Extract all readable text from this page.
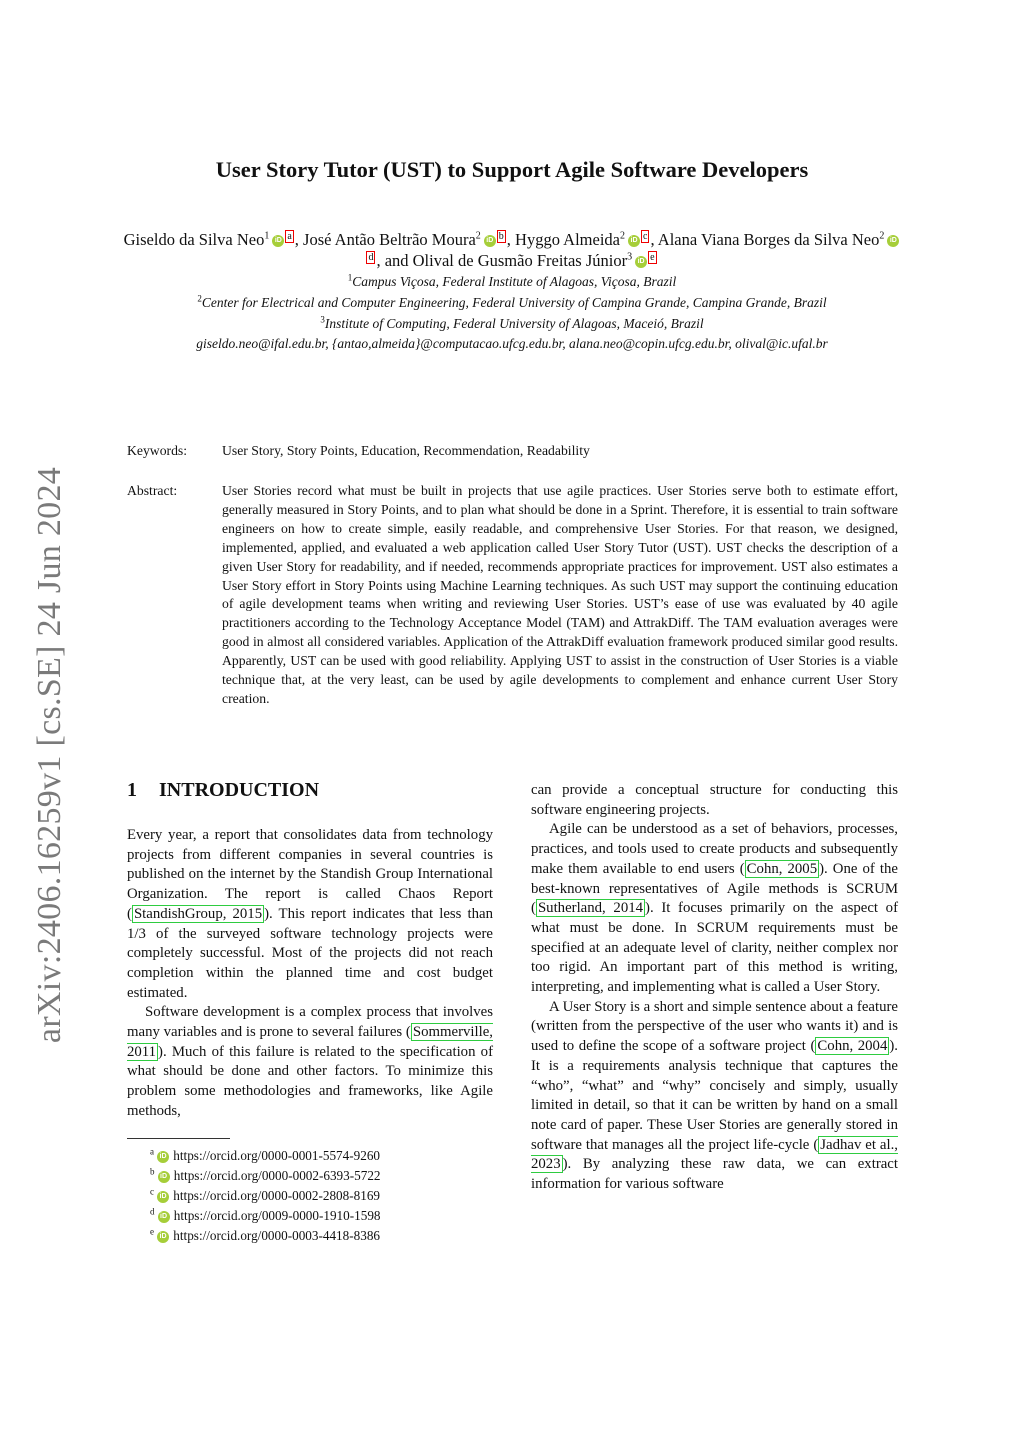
User Story Tutor (UST) to Support Agile Software Developers
Giseldo da Silva Neo$^1$ iD $^a$ , José Antão Beltrão Moura$^2$ iD $^b$ , Hyggo Almeida$^2$ iD $^c$ , Alana Viana Borges da Silva Neo$^2$ iD$^d$ , and Olival de Gusmão Freitas Júnior$^3$ iD $^e$
$^1$Campus Viçosa, Federal Institute of Alagoas, Viçosa, Brazil
$^2$Center for Electrical and Computer Engineering, Federal University of Campina Grande, Campina Grande, Brazil
$^3$Institute of Computing, Federal University of Alagoas, Maceió, Brazil
giseldo.neo@ifal.edu.br, {antao,almeida}@computacao.ufcg.edu.br, alana.neo@copin.ufcg.edu.br, olival@ic.ufal.br
arXiv:2406.16259v1 [cs.SE] 24 Jun 2024
Keywords:	User Story, Story Points, Education, Recommendation, Readability
Abstract:	User Stories record what must be built in projects that use agile practices. User Stories serve both to estimate effort, generally measured in Story Points, and to plan what should be done in a Sprint. Therefore, it is essential to train software engineers on how to create simple, easily readable, and comprehensive User Stories. For that reason, we designed, implemented, applied, and evaluated a web application called User Story Tutor (UST). UST checks the description of a given User Story for readability, and if needed, recommends appropriate practices for improvement. UST also estimates a User Story effort in Story Points using Machine Learning techniques. As such UST may support the continuing education of agile development teams when writing and reviewing User Stories. UST’s ease of use was evaluated by 40 agile practitioners according to the Technology Acceptance Model (TAM) and AttrakDiff. The TAM evaluation averages were good in almost all considered variables. Application of the AttrakDiff evaluation framework produced similar good results. Apparently, UST can be used with good reliability. Applying UST to assist in the construction of User Stories is a viable technique that, at the very least, can be used by agile developments to complement and enhance current User Story creation.
1 INTRODUCTION

Every year, a report that consolidates data from technology projects from different companies in several countries is published on the internet by the Standish Group International Organization. The report is called Chaos Report ( StandishGroup, 2015 ). This report indicates that less than 1/3 of the surveyed software technology projects were completely successful. Most of the projects did not reach completion within the planned time and cost budget estimated.

Software development is a complex process that involves many variables and is prone to several failures ( Sommerville, 2011 ). Much of this failure is related to the specification of what should be done and other factors. To minimize this problem some methodologies and frameworks, like Agile methods,

can provide a conceptual structure for conducting this software engineering projects.

Agile can be understood as a set of behaviors, processes, practices, and tools used to create products and subsequently make them available to end users ( Cohn, 2005 ). One of the best-known representatives of Agile methods is SCRUM ( Sutherland, 2014 ). It focuses primarily on the aspect of what must be done. In SCRUM requirements must be specified at an adequate level of clarity, neither complex nor too rigid. An important part of this method is writing, interpreting, and implementing what is called a User Story.

A User Story is a short and simple sentence about a feature (written from the perspective of the user who wants it) and is used to define the scope of a software project ( Cohn, 2004 ). It is a requirements analysis technique that captures the “who”, “what” and “why” concisely and simply, usually limited in detail, so that it can be written by hand on a small note card of paper. These User Stories are generally stored in software that manages all the project life-cycle ( Jadhav et al., 2023 ). By analyzing these raw data, we can extract information for various software

$^a$ iD https://orcid.org/0000-0001-5574-9260
$^b$ iD https://orcid.org/0000-0002-6393-5722
$^c$ iD https://orcid.org/0000-0002-2808-8169
$^d$ iD https://orcid.org/0009-0000-1910-1598
$^e$ iD https://orcid.org/0000-0003-4418-8386
